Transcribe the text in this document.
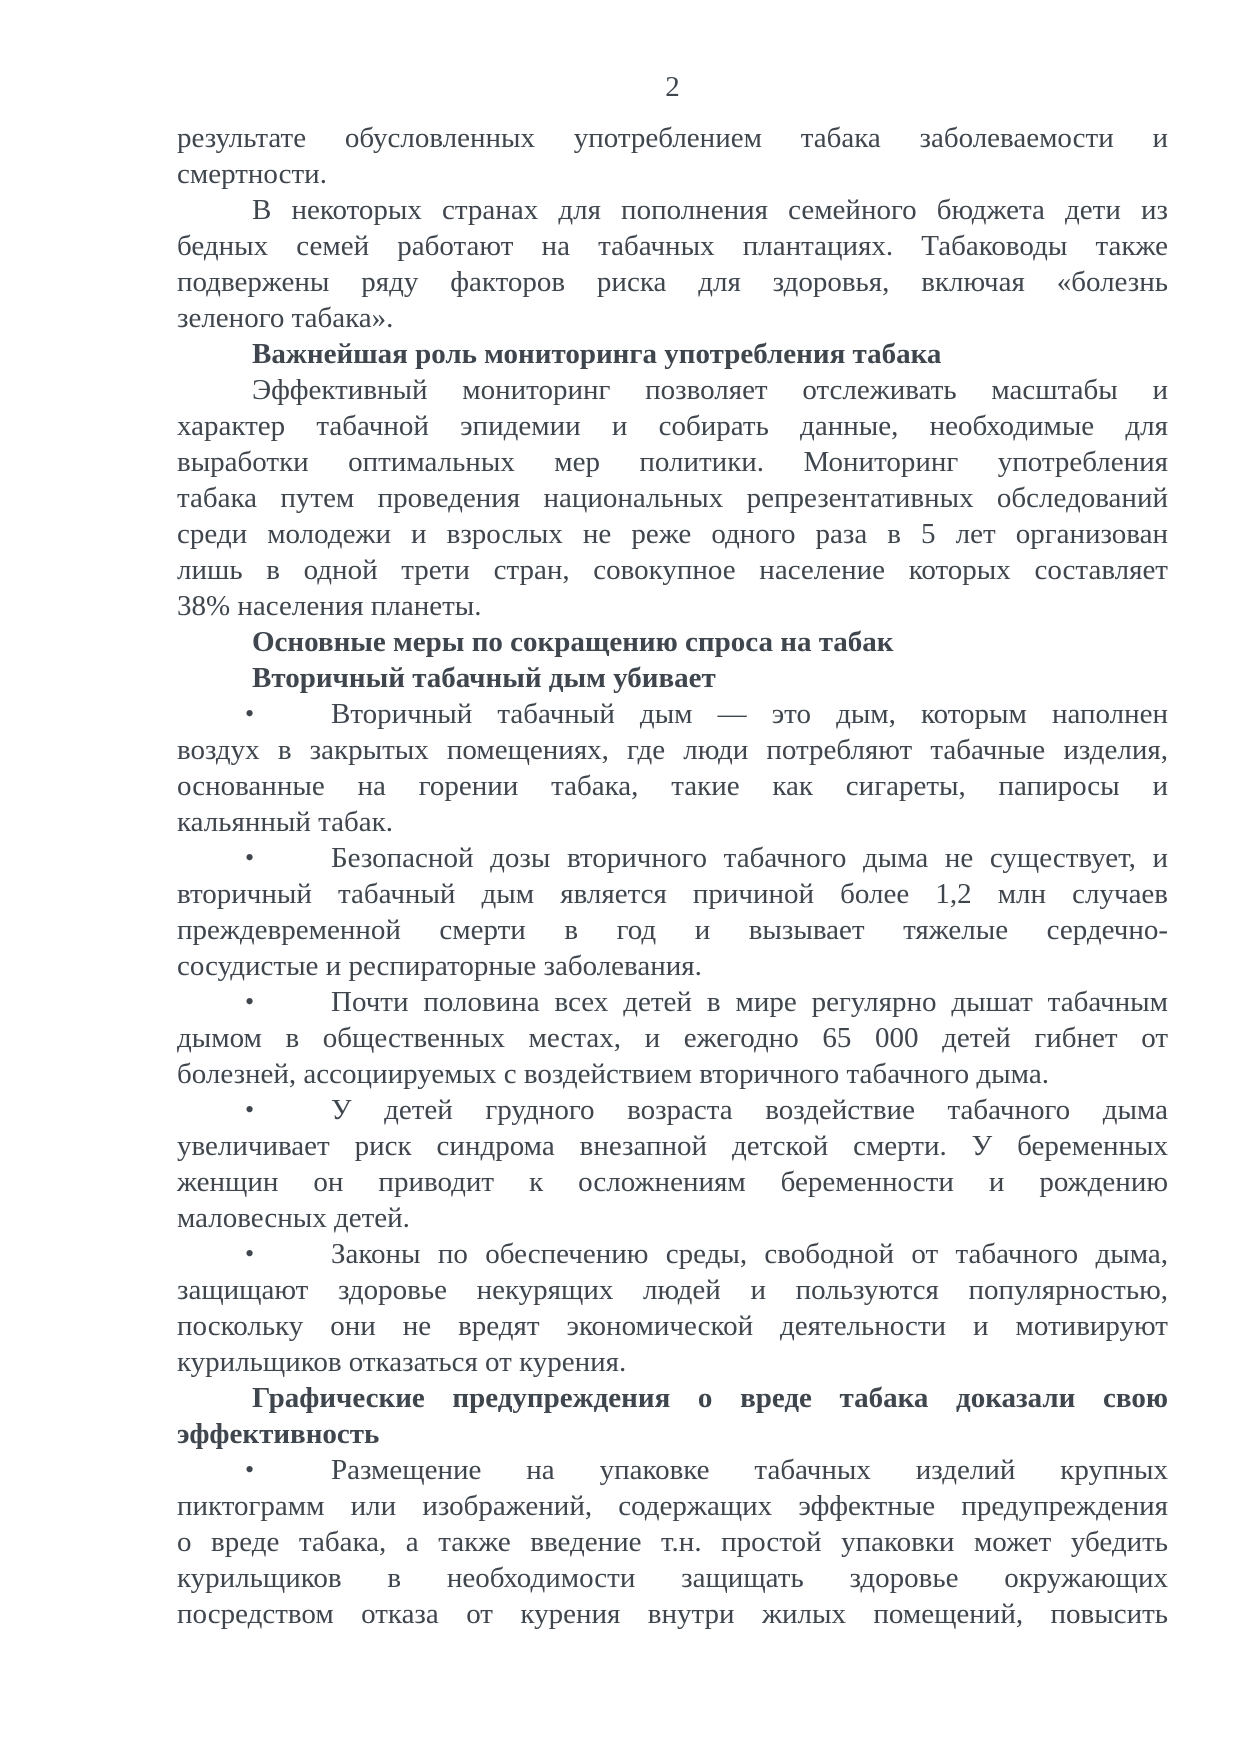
2
результате обусловленных употреблением табака заболеваемости и
смертности.
В некоторых странах для пополнения семейного бюджета дети из
бедных семей работают на табачных плантациях. Табаководы также
подвержены ряду факторов риска для здоровья, включая «болезнь
зеленого табака».
Важнейшая роль мониторинга употребления табака
Эффективный мониторинг позволяет отслеживать масштабы и
характер табачной эпидемии и собирать данные, необходимые для
выработки оптимальных мер политики. Мониторинг употребления
табака путем проведения национальных репрезентативных обследований
среди молодежи и взрослых не реже одного раза в 5 лет организован
лишь в одной трети стран, совокупное население которых составляет
38% населения планеты.
Основные меры по сокращению спроса на табак
Вторичный табачный дым убивает
•	Вторичный табачный дым — это дым, которым наполнен
воздух в закрытых помещениях, где люди потребляют табачные изделия,
основанные на горении табака, такие как сигареты, папиросы и
кальянный табак.
•	Безопасной дозы вторичного табачного дыма не существует, и
вторичный табачный дым является причиной более 1,2 млн случаев
преждевременной смерти в год и вызывает тяжелые сердечно-
сосудистые и респираторные заболевания.
•	Почти половина всех детей в мире регулярно дышат табачным
дымом в общественных местах, и ежегодно 65 000 детей гибнет от
болезней, ассоциируемых с воздействием вторичного табачного дыма.
•	У детей грудного возраста воздействие табачного дыма
увеличивает риск синдрома внезапной детской смерти. У беременных
женщин он приводит к осложнениям беременности и рождению
маловесных детей.
•	Законы по обеспечению среды, свободной от табачного дыма,
защищают здоровье некурящих людей и пользуются популярностью,
поскольку они не вредят экономической деятельности и мотивируют
курильщиков отказаться от курения.
Графические предупреждения о вреде табака доказали свою
эффективность
•	Размещение на упаковке табачных изделий крупных
пиктограмм или изображений, содержащих эффектные предупреждения
о вреде табака, а также введение т.н. простой упаковки может убедить
курильщиков в необходимости защищать здоровье окружающих
посредством отказа от курения внутри жилых помещений, повысить
